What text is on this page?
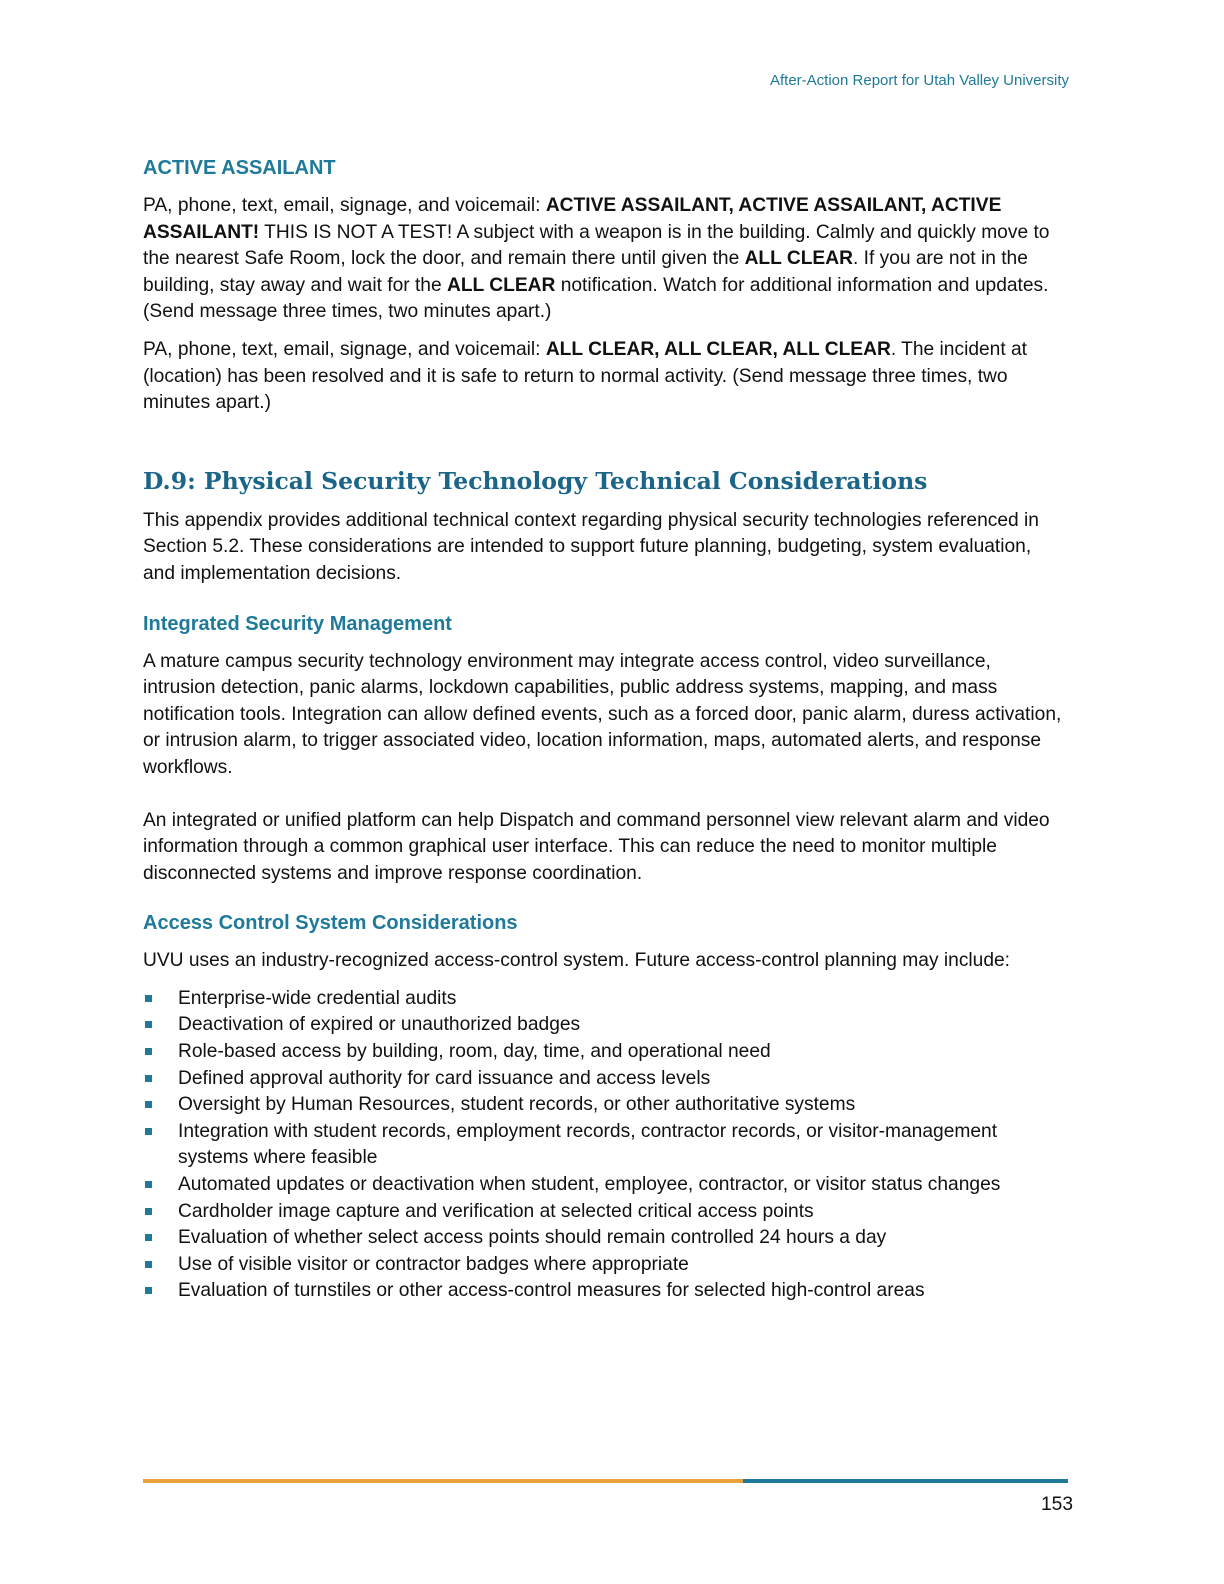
After-Action Report for Utah Valley University
ACTIVE ASSAILANT

PA, phone, text, email, signage, and voicemail: ACTIVE ASSAILANT, ACTIVE ASSAILANT, ACTIVE ASSAILANT! THIS IS NOT A TEST! A subject with a weapon is in the building. Calmly and quickly move to the nearest Safe Room, lock the door, and remain there until given the ALL CLEAR. If you are not in the building, stay away and wait for the ALL CLEAR notification. Watch for additional information and updates. (Send message three times, two minutes apart.)

PA, phone, text, email, signage, and voicemail: ALL CLEAR, ALL CLEAR, ALL CLEAR. The incident at (location) has been resolved and it is safe to return to normal activity. (Send message three times, two minutes apart.)

D.9: Physical Security Technology Technical Considerations

This appendix provides additional technical context regarding physical security technologies referenced in Section 5.2. These considerations are intended to support future planning, budgeting, system evaluation, and implementation decisions.

Integrated Security Management

A mature campus security technology environment may integrate access control, video surveillance, intrusion detection, panic alarms, lockdown capabilities, public address systems, mapping, and mass notification tools. Integration can allow defined events, such as a forced door, panic alarm, duress activation, or intrusion alarm, to trigger associated video, location information, maps, automated alerts, and response workflows.

An integrated or unified platform can help Dispatch and command personnel view relevant alarm and video information through a common graphical user interface. This can reduce the need to monitor multiple disconnected systems and improve response coordination.

Access Control System Considerations

UVU uses an industry-recognized access-control system. Future access-control planning may include:

Enterprise-wide credential audits
Deactivation of expired or unauthorized badges
Role-based access by building, room, day, time, and operational need
Defined approval authority for card issuance and access levels
Oversight by Human Resources, student records, or other authoritative systems
Integration with student records, employment records, contractor records, or visitor-management systems where feasible
Automated updates or deactivation when student, employee, contractor, or visitor status changes
Cardholder image capture and verification at selected critical access points
Evaluation of whether select access points should remain controlled 24 hours a day
Use of visible visitor or contractor badges where appropriate
Evaluation of turnstiles or other access-control measures for selected high-control areas
153
